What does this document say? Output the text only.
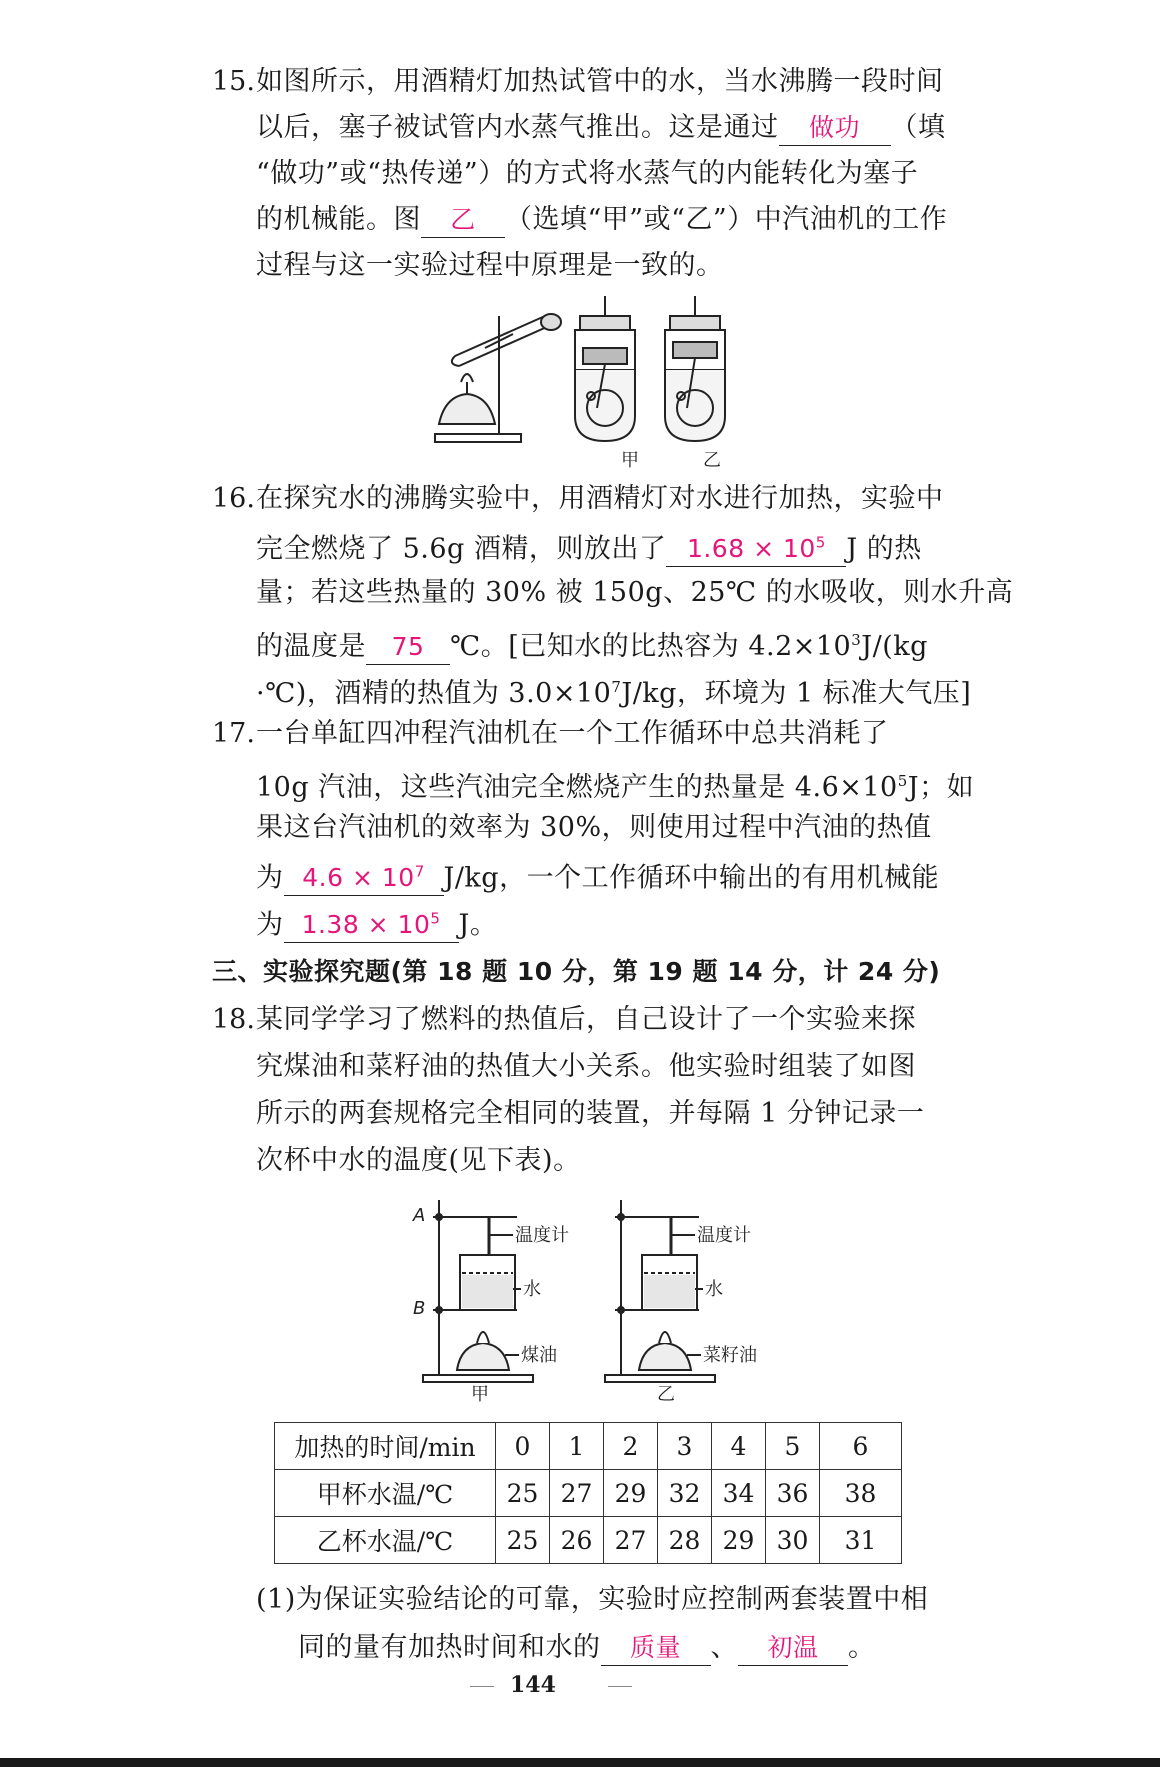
15. 如图所示，用酒精灯加热试管中的水，当水沸腾一段时间
以后，塞子被试管内水蒸气推出。这是通过 做功 （填
“做功”或“热传递”）的方式将水蒸气的内能转化为塞子
的机械能。图 乙 （选填“甲”或“乙”）中汽油机的工作
过程与这一实验过程中原理是一致的。
甲	乙
16. 在探究水的沸腾实验中，用酒精灯对水进行加热，实验中
完全燃烧了 5.6g 酒精，则放出了 $1.68 \times 10^5$ J 的热
量；若这些热量的 30% 被 150g、25℃ 的水吸收，则水升高
的温度是 75 ℃。[已知水的比热容为 $4.2\times 10^3J/(kg$
·℃)，酒精的热值为 $3.0\times 10^7J/kg$，环境为 1 标准大气压]
17. 一台单缸四冲程汽油机在一个工作循环中总共消耗了
10g 汽油，这些汽油完全燃烧产生的热量是 $4.6\times 10^5J$；如
果这台汽油机的效率为 30%，则使用过程中汽油的热值
为 $4.6 \times 10^7$ J/kg，一个工作循环中输出的有用机械能
为 $1.38 \times 10^5$ J。
三、实验探究题(第 18 题 10 分，第 19 题 14 分，计 24 分)
18. 某同学学习了燃料的热值后，自己设计了一个实验来探
究煤油和菜籽油的热值大小关系。他实验时组装了如图
所示的两套规格完全相同的装置，并每隔 1 分钟记录一
次杯中水的温度(见下表)。
A
B
温度计
水
煤油
温度计
水
菜籽油
甲	乙
加热的时间/min	0	1	2	3	4	5	6
甲杯水温/℃	25	27	29	32	34	36	38
乙杯水温/℃	25	26	27	28	29	30	31
(1)为保证实验结论的可靠，实验时应控制两套装置中相
同的量有加热时间和水的 质量 、 初温 。
144
